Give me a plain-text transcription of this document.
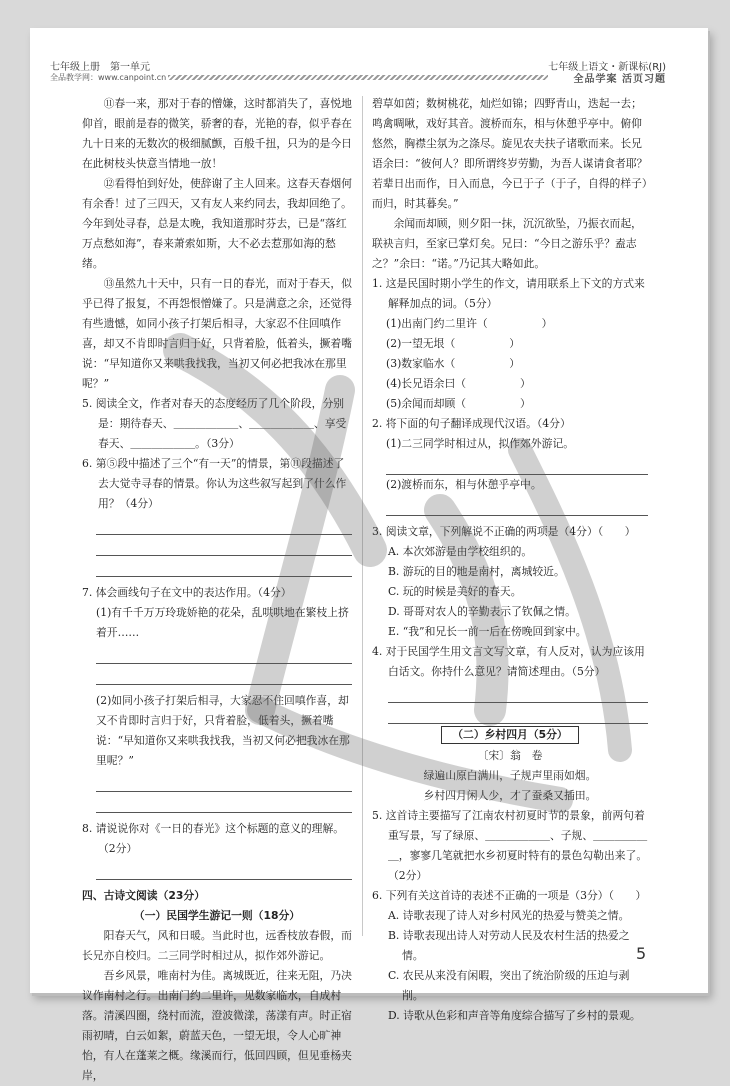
七年级上册　第一单元	七年级上语文・新课标(RJ)
全品教学网：www.canpoint.cn	全品学案 活页习题

⑪春一来，那对于春的憎嫌，这时都消失了，喜悦地仰首，眼前是春的微笑，骄奢的春，光艳的春，似乎春在九十日来的无数次的极细腻颤，百般千扭，只为的是今日在此树枝头快意当情地一放！

⑫看得怕到好处，使辞谢了主人回来。这春天春烟何有余香！过了三四天，又有友人来约同去，我却回绝了。今年到处寻春，总是太晚，我知道那时芬去，已是“落红万点愁如海”，春来萧索如斯，大不必去惹那如海的愁绪。

⑬虽然九十天中，只有一日的春光，而对于春天，似乎已得了报复，不再怨恨憎嫌了。只是满意之余，还觉得有些遗憾，如同小孩子打架后相寻，大家忍不住回嗔作喜，却又不肯即时言归于好，只背着脸，低着头，撅着嘴说：“早知道你又来哄我找我，当初又何必把我冰在那里呢？”

5. 阅读全文，作者对春天的态度经历了几个阶段，分别是：期待春天、＿＿＿＿＿＿、＿＿＿＿＿＿、享受春天、＿＿＿＿＿＿。（3分）

6. 第⑤段中描述了三个“有一天”的情景，第⑪段描述了去大觉寺寻春的情景。你认为这些叙写起到了什么作用？（4分）

7. 体会画线句子在文中的表达作用。（4分）

(1)有千千万万玲珑娇艳的花朵，乱哄哄地在繁枝上挤着开……

(2)如同小孩子打架后相寻，大家忍不住回嗔作喜，却又不肯即时言归于好，只背着脸，低着头，撅着嘴说：“早知道你又来哄我找我，当初又何必把我冰在那里呢？”

8. 请说说你对《一日的春光》这个标题的意义的理解。（2分）

四、古诗文阅读（23分）

（一）民国学生游记一则（18分）

阳春天气，风和日暖。当此时也，远香枝放春假，而长兄亦自校归。二三同学时相过从，拟作郊外游记。

吾乡风景，唯南村为佳。离城既近，往来无阻，乃决议作南村之行。出南门约二里许，见数家临水，自成村落。清溪四圈，绕村而流，澄波微漾，荡漾有声。时正宿雨初晴，白云如絮，蔚蓝天色，一望无垠，令人心旷神怡，有人在蓬莱之概。缘溪而行，低回四顾，但见垂杨夹岸，

碧草如茵；数树桃花，灿烂如锦；四野青山，迭起一去；鸣禽啁啾，戏好其音。渡桥而东，相与休憩乎亭中。俯仰悠然，胸襟尘氛为之涤尽。旋见农夫扶子诸歌而来。长兄语余曰：“彼何人？即所谓终岁劳勤，为吾人谋请食者耶？若辈日出而作，日入而息，今已于子（于子，自得的样子）而归，时其暮矣。”

余闻而却顾，则夕阳一抹，沉沉欲坠，乃振衣而起，联袂言归，至家已掌灯矣。兄曰：“今日之游乐乎？盍志之？”余曰：“诺。”乃记其大略如此。

1. 这是民国时期小学生的作文，请用联系上下文的方式来解释加点的词。（5分）

(1)出南门约二里许（　　　　　）

(2)一望无垠（　　　　　）

(3)数家临水（　　　　　）

(4)长兄语余曰（　　　　　）

(5)余闻而却顾（　　　　　）

2. 将下面的句子翻译成现代汉语。（4分）

(1)二三同学时相过从，拟作郊外游记。

(2)渡桥而东，相与休憩乎亭中。

3. 阅读文章，下列解说不正确的两项是（4分）（　　）

A. 本次郊游是由学校组织的。

B. 游玩的目的地是南村，离城较近。

C. 玩的时候是美好的春天。

D. 哥哥对农人的辛勤表示了钦佩之情。

E. “我”和兄长一前一后在傍晚回到家中。

4. 对于民国学生用文言文写文章，有人反对，认为应该用白话文。你持什么意见？请简述理由。（5分）

（二）乡村四月（5分）

〔宋〕翁　卷

绿遍山原白满川，子规声里雨如烟。

乡村四月闲人少，才了蚕桑又插田。

5. 这首诗主要描写了江南农村初夏时节的景象，前两句着重写景，写了绿原、＿＿＿＿＿＿、子规、＿＿＿＿＿＿，寥寥几笔就把水乡初夏时特有的景色勾勒出来了。（2分）

6. 下列有关这首诗的表述不正确的一项是（3分）（　　）

A. 诗歌表现了诗人对乡村风光的热爱与赞美之情。

B. 诗歌表现出诗人对劳动人民及农村生活的热爱之情。

C. 农民从来没有闲暇，突出了统治阶级的压迫与剥削。

D. 诗歌从色彩和声音等角度综合描写了乡村的景观。

5
